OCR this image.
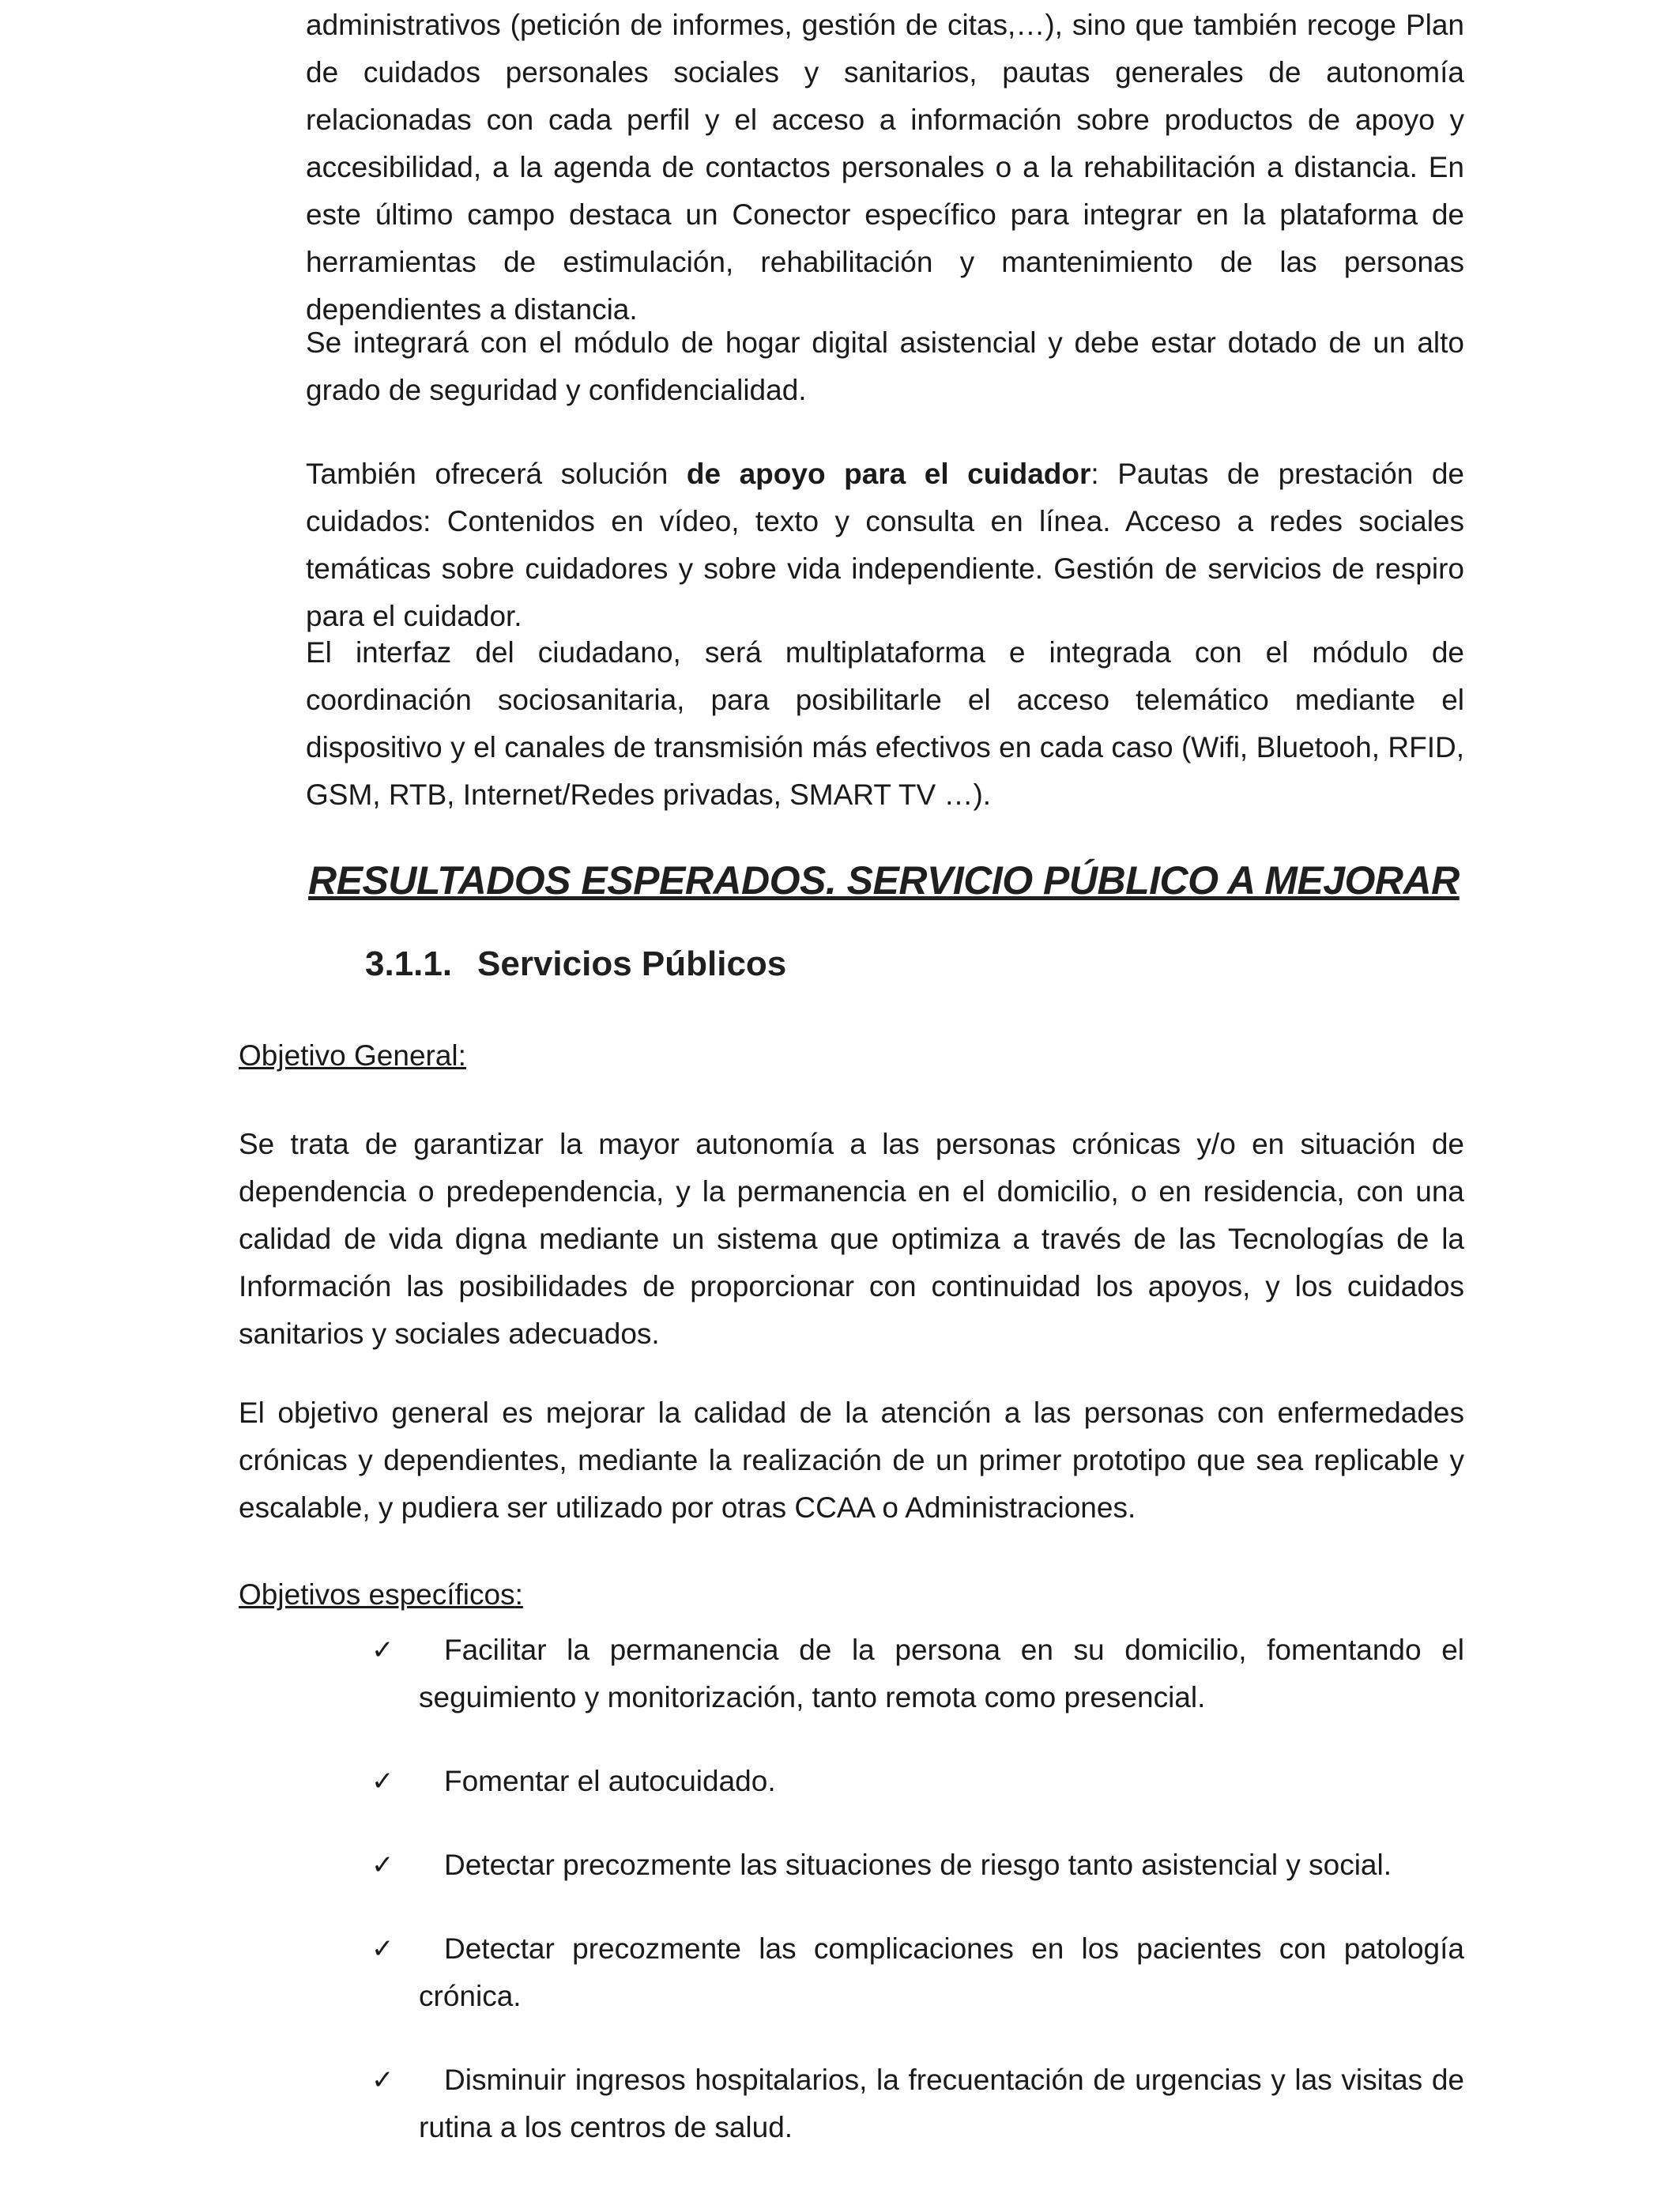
administrativos (petición de informes, gestión de citas,…), sino que también recoge Plan de cuidados personales sociales y sanitarios, pautas generales de autonomía relacionadas con cada perfil y el acceso a información sobre productos de apoyo y accesibilidad, a la agenda de contactos personales o a la rehabilitación a distancia. En este último campo destaca un Conector específico para integrar en la plataforma de herramientas de estimulación, rehabilitación y mantenimiento de las personas dependientes a distancia.

Se integrará con el módulo de hogar digital asistencial y debe estar dotado de un alto grado de seguridad y confidencialidad.

También ofrecerá solución de apoyo para el cuidador: Pautas de prestación de cuidados: Contenidos en vídeo, texto y consulta en línea. Acceso a redes sociales temáticas sobre cuidadores y sobre vida independiente. Gestión de servicios de respiro para el cuidador.

El interfaz del ciudadano, será multiplataforma e integrada con el módulo de coordinación sociosanitaria, para posibilitarle el acceso telemático mediante el dispositivo y el canales de transmisión más efectivos en cada caso (Wifi, Bluetooh, RFID, GSM, RTB, Internet/Redes privadas, SMART TV …).

RESULTADOS ESPERADOS. SERVICIO PÚBLICO A MEJORAR
3.1.1. Servicios Públicos
Objetivo General:

Se trata de garantizar la mayor autonomía a las personas crónicas y/o en situación de dependencia o predependencia, y la permanencia en el domicilio, o en residencia, con una calidad de vida digna mediante un sistema que optimiza a través de las Tecnologías de la Información las posibilidades de proporcionar con continuidad los apoyos, y los cuidados sanitarios y sociales adecuados.

El objetivo general es mejorar la calidad de la atención a las personas con enfermedades crónicas y dependientes, mediante la realización de un primer prototipo que sea replicable y escalable, y pudiera ser utilizado por otras CCAA o Administraciones.

Objetivos específicos:
✓	Facilitar la permanencia de la persona en su domicilio, fomentando el seguimiento y monitorización, tanto remota como presencial.
✓	Fomentar el autocuidado.
✓	Detectar precozmente las situaciones de riesgo tanto asistencial y social.
✓	Detectar precozmente las complicaciones en los pacientes con patología crónica.
✓	Disminuir ingresos hospitalarios, la frecuentación de urgencias y las visitas de rutina a los centros de salud.
